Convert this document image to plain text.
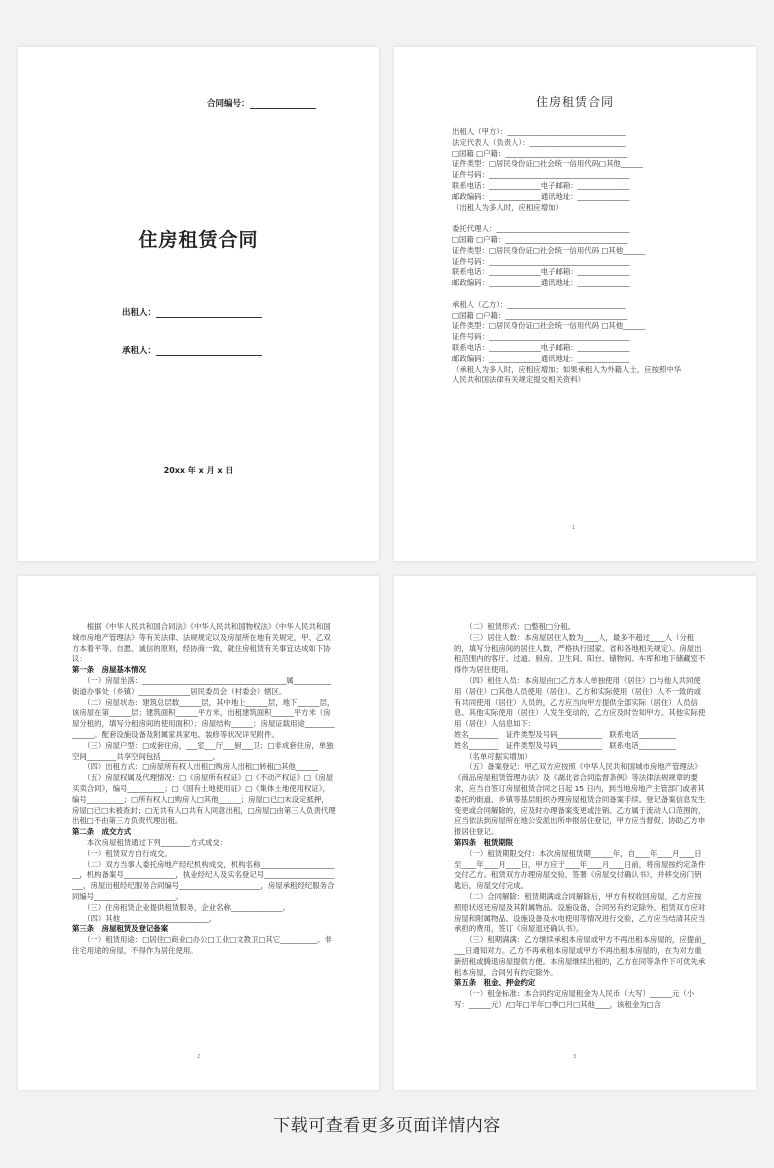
合同编号：
住房租赁合同
出租人：
承租人：
20xx 年 x 月 x 日
住房租赁合同
出租人（甲方）：________________________________
法定代表人（负责人）：__________________________
□国籍 □户籍：_________________________________
证件类型：□居民身份证□社会统一信用代码□其他______
证件号码：______________________________________
联系电话：______________电子邮箱：______________
邮政编码：______________通讯地址：______________
（出租人为多人时，应相应增加）
委托代理人：____________________________________
□国籍 □户籍：_________________________________
证件类型：□居民身份证□社会统一信用代码 □其他______
证件号码：______________________________________
联系电话：______________电子邮箱：______________
邮政编码：______________通讯地址：______________
承租人（乙方）：________________________________
□国籍 □户籍：_________________________________
证件类型：□居民身份证□社会统一信用代码 □其他______
证件号码：______________________________________
联系电话：______________电子邮箱：______________
邮政编码：______________通讯地址：______________
（承租人为多人时，应相应增加；如果承租人为外籍人士，应按照中华
人民共和国法律有关规定提交相关资料）
1

　　根据《中华人民共和国合同法》《中华人民共和国物权法》《中华人民共和国城市房地产管理法》等有关法律、法规规定以及房屋所在地有关规定，甲、乙双方本着平等、自愿、诚信的原则，经协商一致，就住房租赁有关事宜达成如下协议：

第一条　房屋基本情况

　　（一）房屋坐落：_______________________________________属__________街道办事处（乡镇）______________居民委员会（村委会）辖区。

　　（二）房屋状态：建筑总层数______层，其中地上______层，地下______层，该房屋在第______层；建筑面积______平方米，出租建筑面积______平方米（房屋分租的，填写分租房间的使用面积）；房屋结构______；房屋证载用途______________。配套设施设备及附属家具家电、装修等状况详见附件。

　　（三）房屋户型：□成套住房，___室___厅___厨___卫；□非成套住房，单独空间________共享空间包括______________。

　　（四）出租方式：□房屋所有权人出租□购房人出租□转租□其他______

　　（五）房屋权属及代理情况：□《房屋所有权证》□《不动产权证》□《房屋买卖合同》，编号__________；□《国有土地使用证》□《集体土地使用权证》，编号__________；□所有权人□购房人□其他______；房屋□已□未设定抵押，房屋□已□未被查封；□无共有人□共有人同意出租，□房屋□由第三人负责代理出租□不由第三方负责代理出租。

第二条　成交方式

　　本次房屋租赁通过下列________方式成交：

　　（一）租赁双方自行成交。

　　（二）双方当事人委托房地产经纪机构成交，机构名称______________________，机构备案号______________，执业经纪人及实名登记号______________________，房屋出租经纪服务合同编号______________________，房屋承租经纪服务合同编号______________________。

　　（三）住房租赁企业提供租赁服务，企业名称______________。

　　（四）其他________________________。

第三条　房屋租赁及登记备案

　　（一）租赁用途：□居住□商业□办公□工业□文教卫□其它__________。非住宅用途的房屋，不得作为居住使用。

2

　　（二）租赁形式：□整租□分租。

　　（三）居住人数：本房屋居住人数为____人，最多不超过____人（分租的，填写分租房间的居住人数，严格执行国家、省和各地相关规定）。房屋出租范围内的客厅、过道、厨房、卫生间、阳台、储物间、车库和地下储藏室不得作为居住使用。

　　（四）租住人员：本房屋由□乙方本人单独使用（居住）□与他人共同使用（居住）□其他人员使用（居住）。乙方和实际使用（居住）人不一致的或有共同使用（居住）人员的，乙方应当向甲方提供全部实际（居住）人员信息。其他实际使用（居住）人发生变动的，乙方应及时告知甲方。其他实际使用（居住）人信息如下：

姓名________　证件类型及号码____________　联系电话__________

姓名________　证件类型及号码____________　联系电话__________

　　（名单可据实增加）

　　（五）备案登记：甲乙双方应按照《中华人民共和国城市房地产管理法》《商品房屋租赁管理办法》及《湖北省合同监督条例》等法律法规规章的要求，应当自签订房屋租赁合同之日起 15 日内，到当地房地产主管部门或者其委托的街道、乡镇等基层组织办理房屋租赁合同备案手续。登记备案信息发生变更或合同解除的，应及时办理备案变更或注销。乙方属于流动人口范围的，应当依法到房屋所在地公安派出所申报居住登记，甲方应当督促、协助乙方申报居住登记。

第四条　租赁期限

　　（一）租赁期限交付：本次房屋租赁期______年，自____年____月____日至____年____月____日，甲方应于____年____月____日前，将房屋按约定条件交付乙方。租赁双方办理房屋交验，签署《房屋交付确认书》，并移交房门钥匙后，房屋交付完成。

　　（二）合同解除：租赁期满或合同解除后，甲方有权收回房屋，乙方应按照原状返还房屋及其附属物品、设施设备，合同另有约定除外。租赁双方应对房屋和附属物品、设施设备及水电使用等情况进行交验，乙方应当结清其应当承担的费用，签订《房屋退还确认书》。

　　（三）租期满满：乙方继续承租本房屋或甲方不再出租本房屋的，应提前____日通知对方。乙方不再承租本房屋或甲方不再出租本房屋的，在为对方重新招租或腾退房屋提供方便。本房屋继续出租的，乙方在同等条件下可优先承租本房屋，合同另有约定除外。

第五条　租金、押金约定

　　（一）租金标准：本合同约定房屋租金为人民币（大写）______元（小写：______元）/□年□半年□季□月□其他____，该租金为□含

3
下载可查看更多页面详情内容
